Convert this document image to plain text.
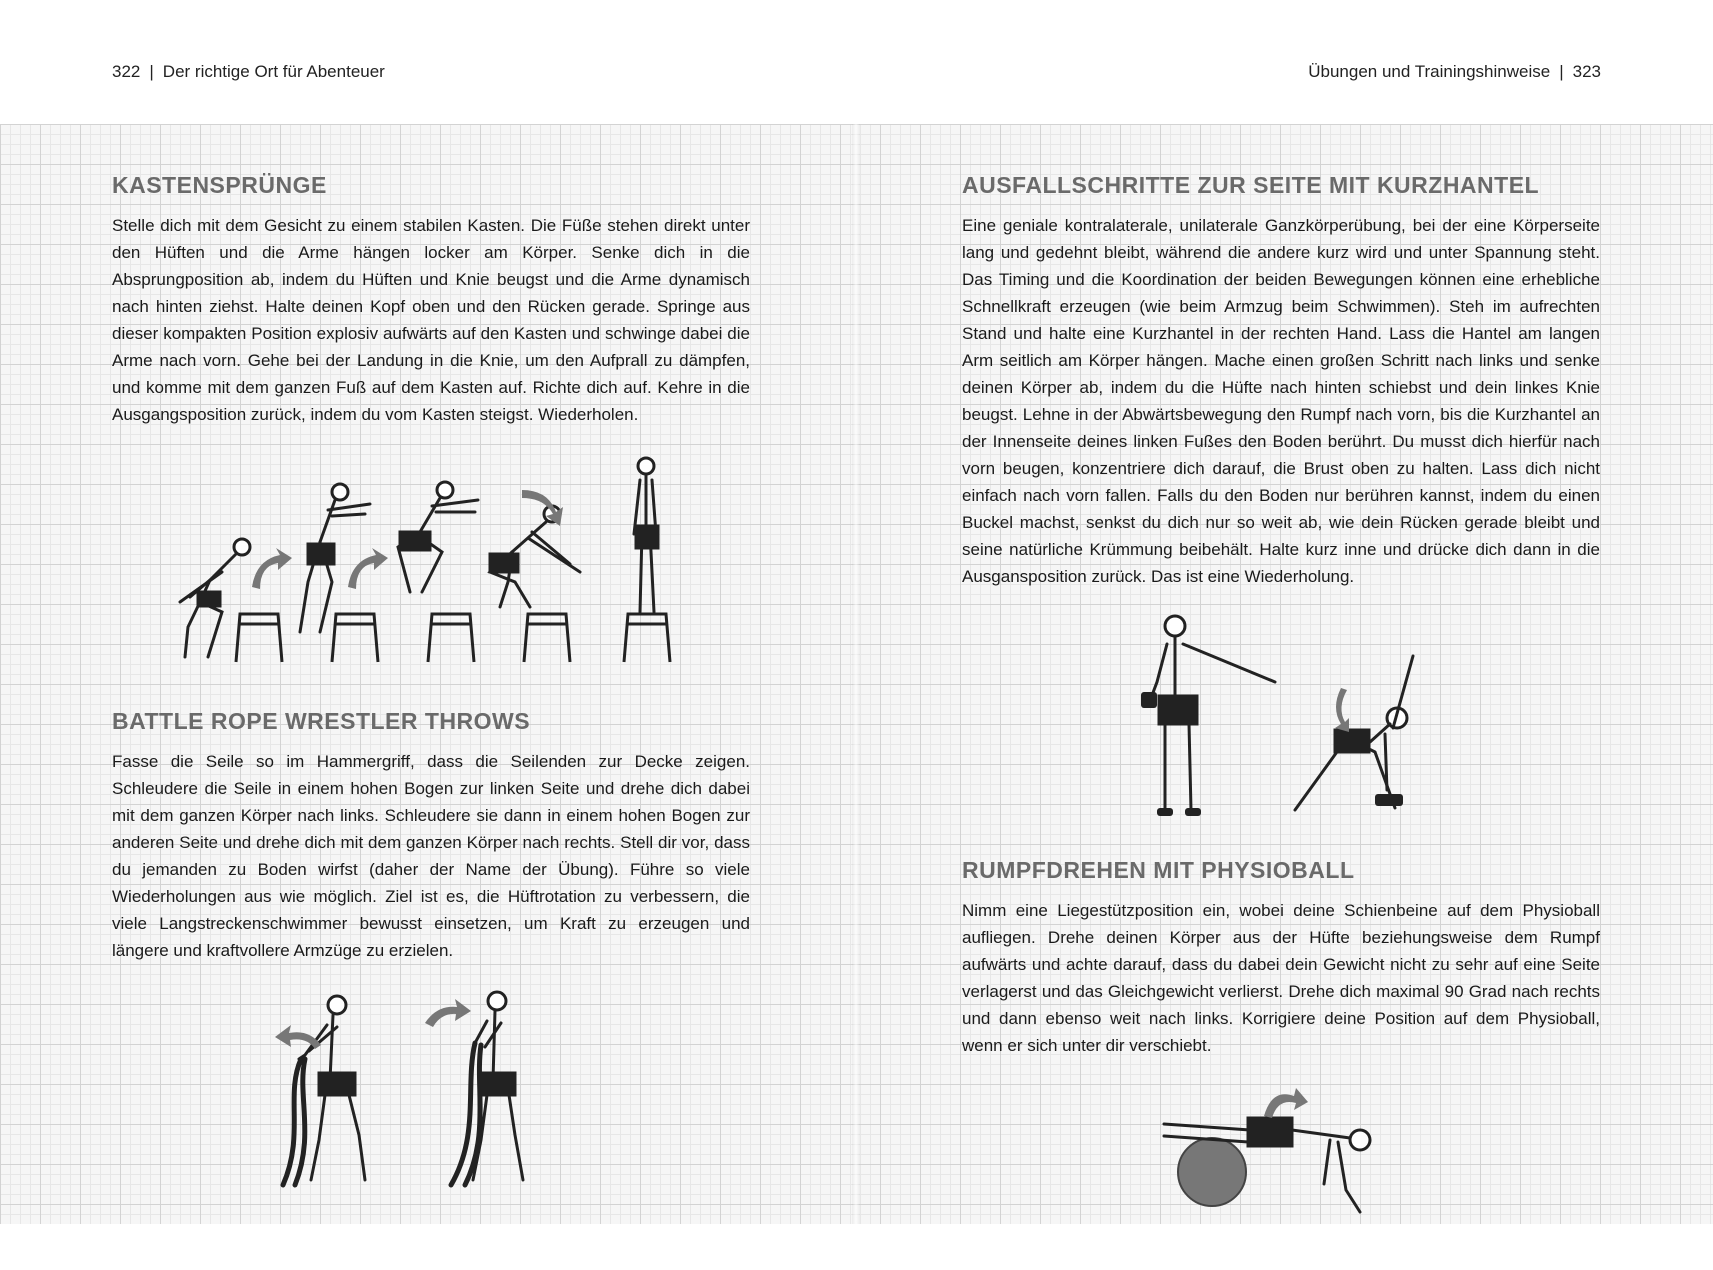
322 | Der richtige Ort für Abenteuer	Übungen und Trainingshinweise | 323
KASTENSPRÜNGE

Stelle dich mit dem Gesicht zu einem stabilen Kasten. Die Füße stehen direkt unter den Hüften und die Arme hängen locker am Körper. Senke dich in die Absprungposition ab, indem du Hüften und Knie beugst und die Arme dynamisch nach hinten ziehst. Halte deinen Kopf oben und den Rücken gerade. Springe aus dieser kompakten Position explosiv aufwärts auf den Kasten und schwinge dabei die Arme nach vorn. Gehe bei der Landung in die Knie, um den Aufprall zu dämpfen, und komme mit dem ganzen Fuß auf dem Kasten auf. Richte dich auf. Kehre in die Ausgangsposition zurück, indem du vom Kasten steigst. Wiederholen.

BATTLE ROPE WRESTLER THROWS

Fasse die Seile so im Hammergriff, dass die Seilenden zur Decke zeigen. Schleudere die Seile in einem hohen Bogen zur linken Seite und drehe dich dabei mit dem ganzen Körper nach links. Schleudere sie dann in einem hohen Bogen zur anderen Seite und drehe dich mit dem ganzen Körper nach rechts. Stell dir vor, dass du jemanden zu Boden wirfst (daher der Name der Übung). Führe so viele Wiederholungen aus wie möglich. Ziel ist es, die Hüftrotation zu verbessern, die viele Langstreckenschwimmer bewusst einsetzen, um Kraft zu erzeugen und längere und kraftvollere Armzüge zu erzielen.

AUSFALLSCHRITTE ZUR SEITE MIT KURZHANTEL

Eine geniale kontralaterale, unilaterale Ganzkörperübung, bei der eine Körperseite lang und gedehnt bleibt, während die andere kurz wird und unter Spannung steht. Das Timing und die Koordination der beiden Bewegungen können eine erhebliche Schnellkraft erzeugen (wie beim Armzug beim Schwimmen). Steh im aufrechten Stand und halte eine Kurzhantel in der rechten Hand. Lass die Hantel am langen Arm seitlich am Körper hängen. Mache einen großen Schritt nach links und senke deinen Körper ab, indem du die Hüfte nach hinten schiebst und dein linkes Knie beugst. Lehne in der Abwärtsbewegung den Rumpf nach vorn, bis die Kurzhantel an der Innenseite deines linken Fußes den Boden berührt. Du musst dich hierfür nach vorn beugen, konzentriere dich darauf, die Brust oben zu halten. Lass dich nicht einfach nach vorn fallen. Falls du den Boden nur berühren kannst, indem du einen Buckel machst, senkst du dich nur so weit ab, wie dein Rücken gerade bleibt und seine natürliche Krümmung beibehält. Halte kurz inne und drücke dich dann in die Ausgansposition zurück. Das ist eine Wiederholung.

RUMPFDREHEN MIT PHYSIOBALL

Nimm eine Liegestützposition ein, wobei deine Schienbeine auf dem Physioball aufliegen. Drehe deinen Körper aus der Hüfte beziehungsweise dem Rumpf aufwärts und achte darauf, dass du dabei dein Gewicht nicht zu sehr auf eine Seite verlagerst und das Gleichgewicht verlierst. Drehe dich maximal 90 Grad nach rechts und dann ebenso weit nach links. Korrigiere deine Position auf dem Physioball, wenn er sich unter dir verschiebt.
